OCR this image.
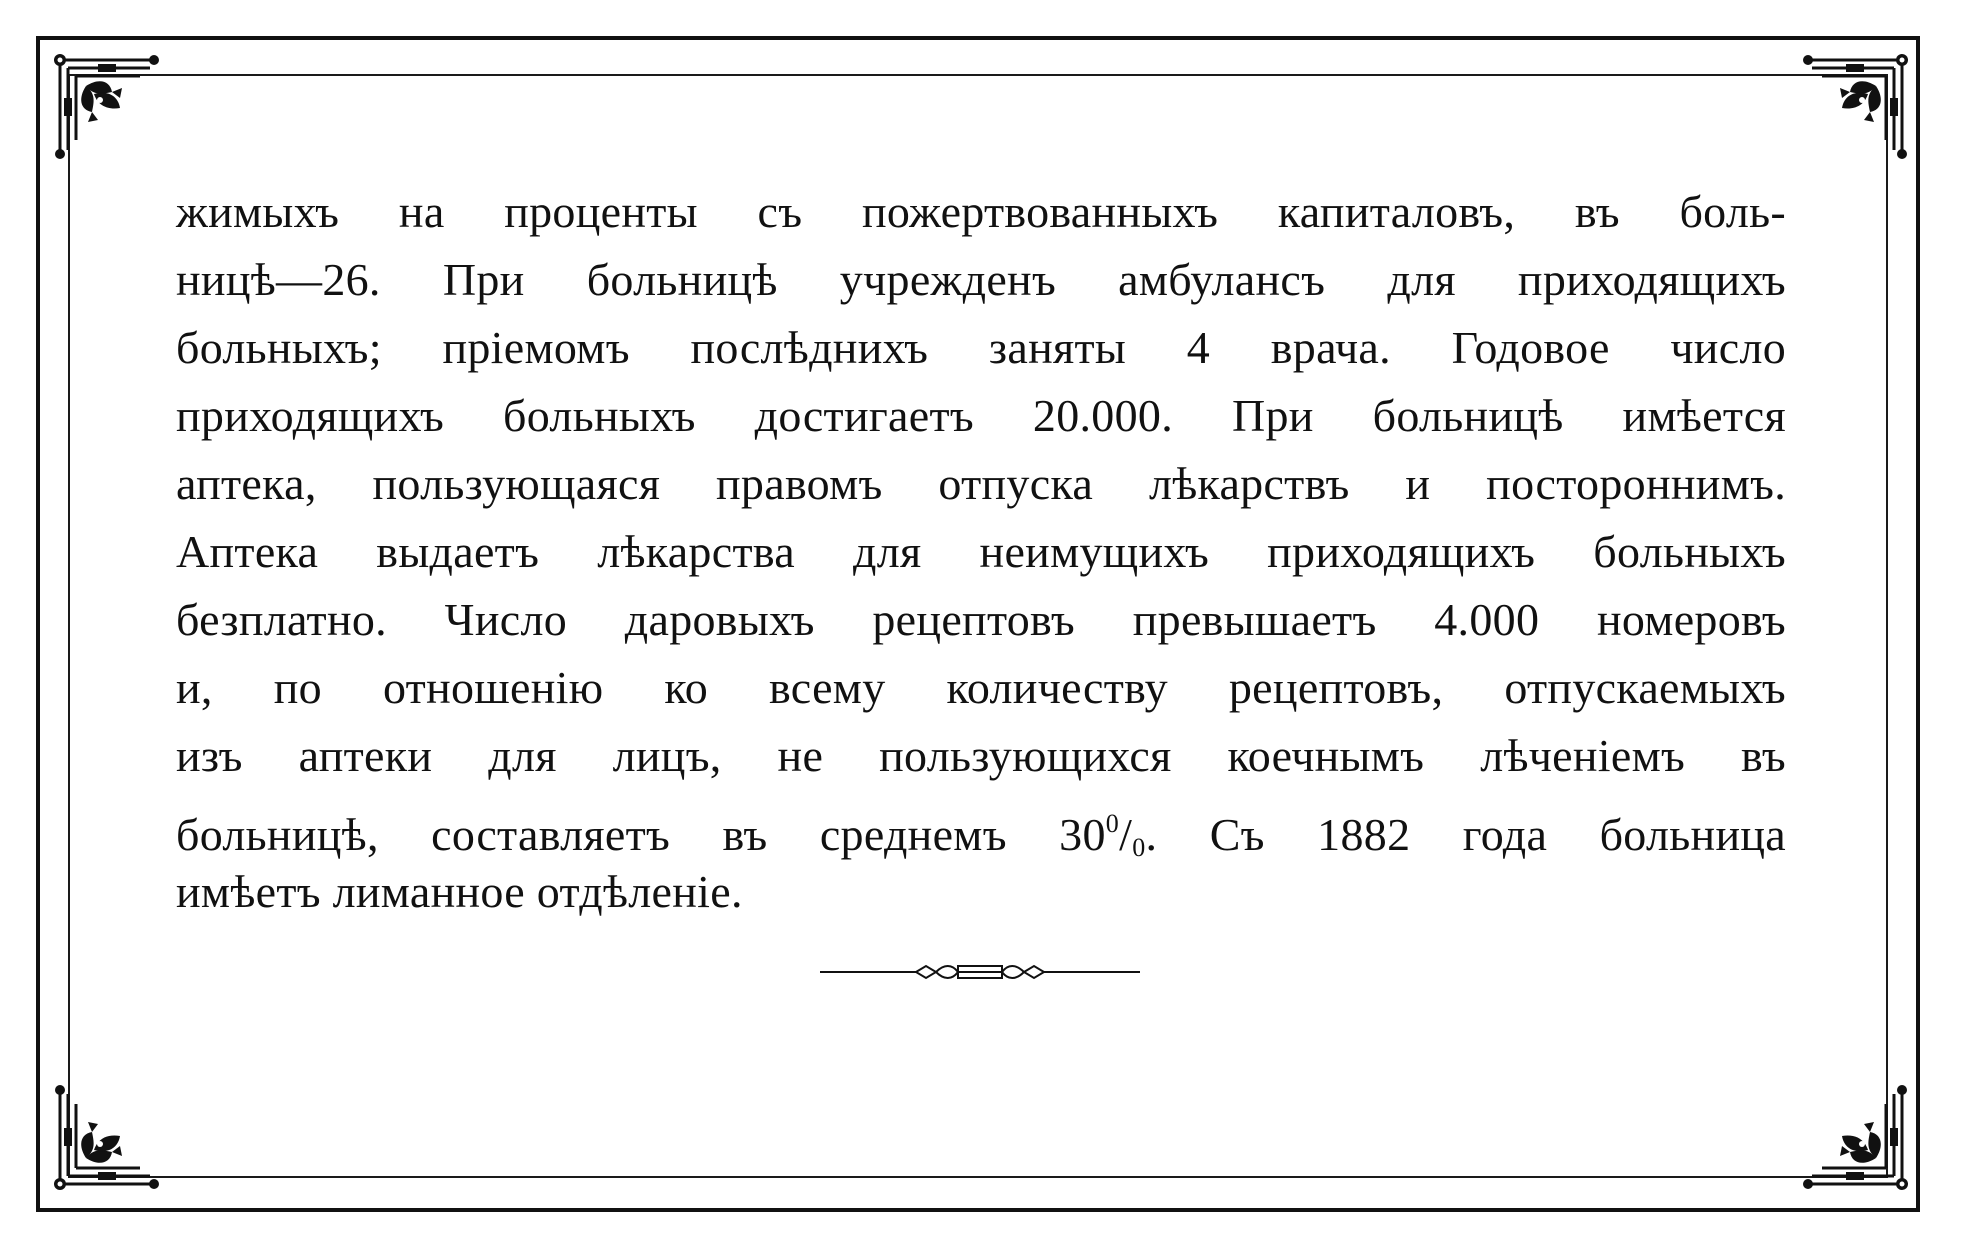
жимыхъ на проценты съ пожертвованныхъ капиталовъ, въ боль-
ницѣ—26. При больницѣ учрежденъ амбулансъ для приходящихъ
больныхъ; пріемомъ послѣднихъ заняты 4 врача. Годовое число
приходящихъ больныхъ достигаетъ 20.000. При больницѣ имѣется
аптека, пользующаяся правомъ отпуска лѣкарствъ и постороннимъ.
Аптека выдаетъ лѣкарства для неимущихъ приходящихъ больныхъ
безплатно. Число даровыхъ рецептовъ превышаетъ 4.000 номеровъ
и, по отношенію ко всему количеству рецептовъ, отпускаемыхъ
изъ аптеки для лицъ, не пользующихся коечнымъ лѣченіемъ въ
больницѣ, составляетъ въ среднемъ $30^0/_0$. Съ 1882 года больница
имѣетъ лиманное отдѣленіе.
